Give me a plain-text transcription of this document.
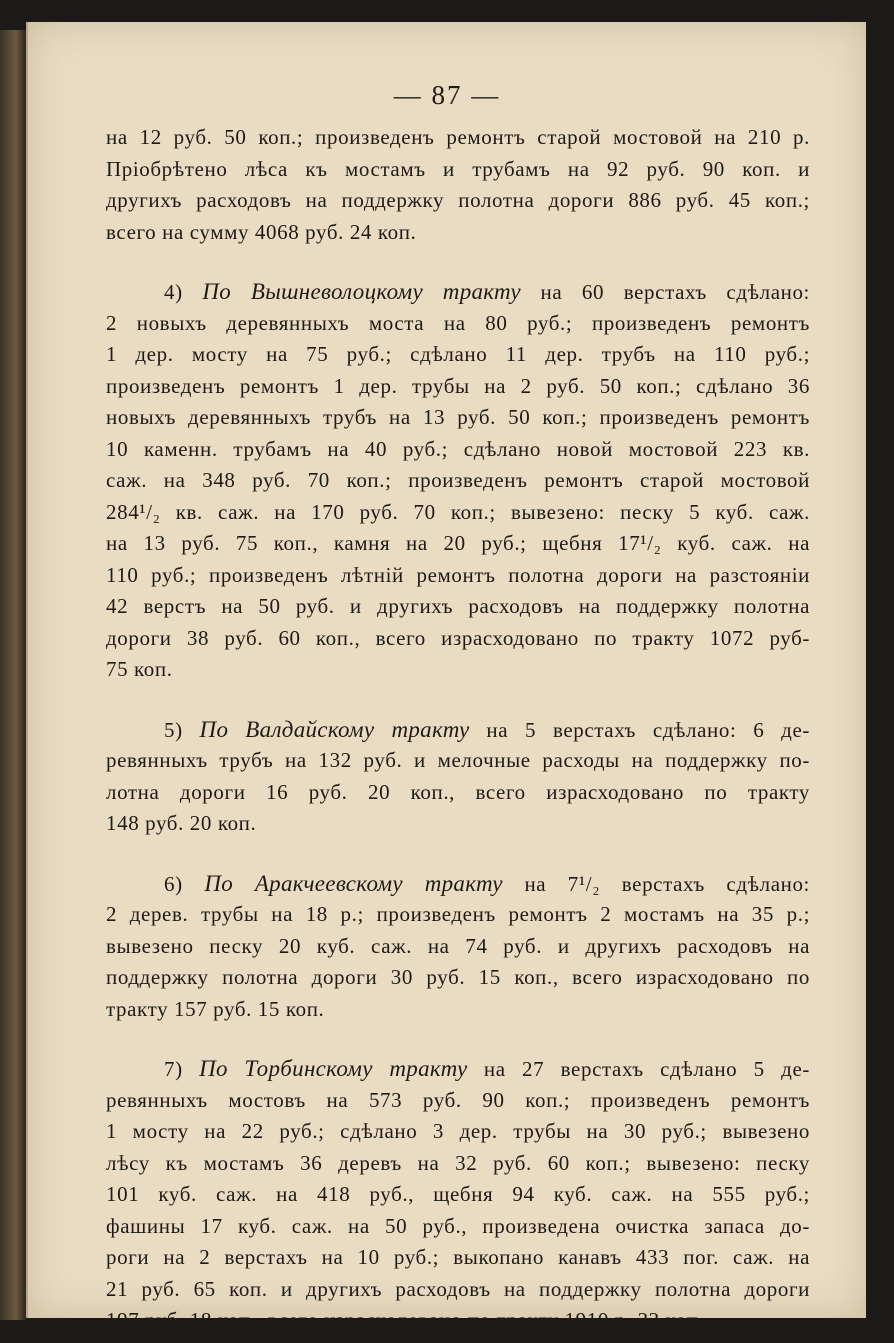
— 87 —
на 12 руб. 50 коп.; произведенъ ремонтъ старой мостовой на 210 р.
Пріобрѣтено лѣса къ мостамъ и трубамъ на 92 руб. 90 коп. и
другихъ расходовъ на поддержку полотна дороги 886 руб. 45 коп.;
всего на сумму 4068 руб. 24 коп.
4) По Вышневолоцкому тракту на 60 верстахъ сдѣлано:
2 новыхъ деревянныхъ моста на 80 руб.; произведенъ ремонтъ
1 дер. мосту на 75 руб.; сдѣлано 11 дер. трубъ на 110 руб.;
произведенъ ремонтъ 1 дер. трубы на 2 руб. 50 коп.; сдѣлано 36
новыхъ деревянныхъ трубъ на 13 руб. 50 коп.; произведенъ ремонтъ
10 каменн. трубамъ на 40 руб.; сдѣлано новой мостовой 223 кв.
саж. на 348 руб. 70 коп.; произведенъ ремонтъ старой мостовой
284¹/₂ кв. саж. на 170 руб. 70 коп.; вывезено: песку 5 куб. саж.
на 13 руб. 75 коп., камня на 20 руб.; щебня 17¹/₂ куб. саж. на
110 руб.; произведенъ лѣтній ремонтъ полотна дороги на разстояніи
42 верстъ на 50 руб. и другихъ расходовъ на поддержку полотна
дороги 38 руб. 60 коп., всего израсходовано по тракту 1072 руб-
75 коп.
5) По Валдайскому тракту на 5 верстахъ сдѣлано: 6 де-
ревянныхъ трубъ на 132 руб. и мелочные расходы на поддержку по-
лотна дороги 16 руб. 20 коп., всего израсходовано по тракту
148 руб. 20 коп.
6) По Аракчеевскому тракту на 7¹/₂ верстахъ сдѣлано:
2 дерев. трубы на 18 р.; произведенъ ремонтъ 2 мостамъ на 35 р.;
вывезено песку 20 куб. саж. на 74 руб. и другихъ расходовъ на
поддержку полотна дороги 30 руб. 15 коп., всего израсходовано по
тракту 157 руб. 15 коп.
7) По Торбинскому тракту на 27 верстахъ сдѣлано 5 де-
ревянныхъ мостовъ на 573 руб. 90 коп.; произведенъ ремонтъ
1 мосту на 22 руб.; сдѣлано 3 дер. трубы на 30 руб.; вывезено
лѣсу къ мостамъ 36 деревъ на 32 руб. 60 коп.; вывезено: песку
101 куб. саж. на 418 руб., щебня 94 куб. саж. на 555 руб.;
фашины 17 куб. саж. на 50 руб., произведена очистка запаса до-
роги на 2 верстахъ на 10 руб.; выкопано канавъ 433 пог. саж. на
21 руб. 65 коп. и другихъ расходовъ на поддержку полотна дороги
197 руб. 18 коп., всего израсходовано по тракту 1910 р. 33 коп.
